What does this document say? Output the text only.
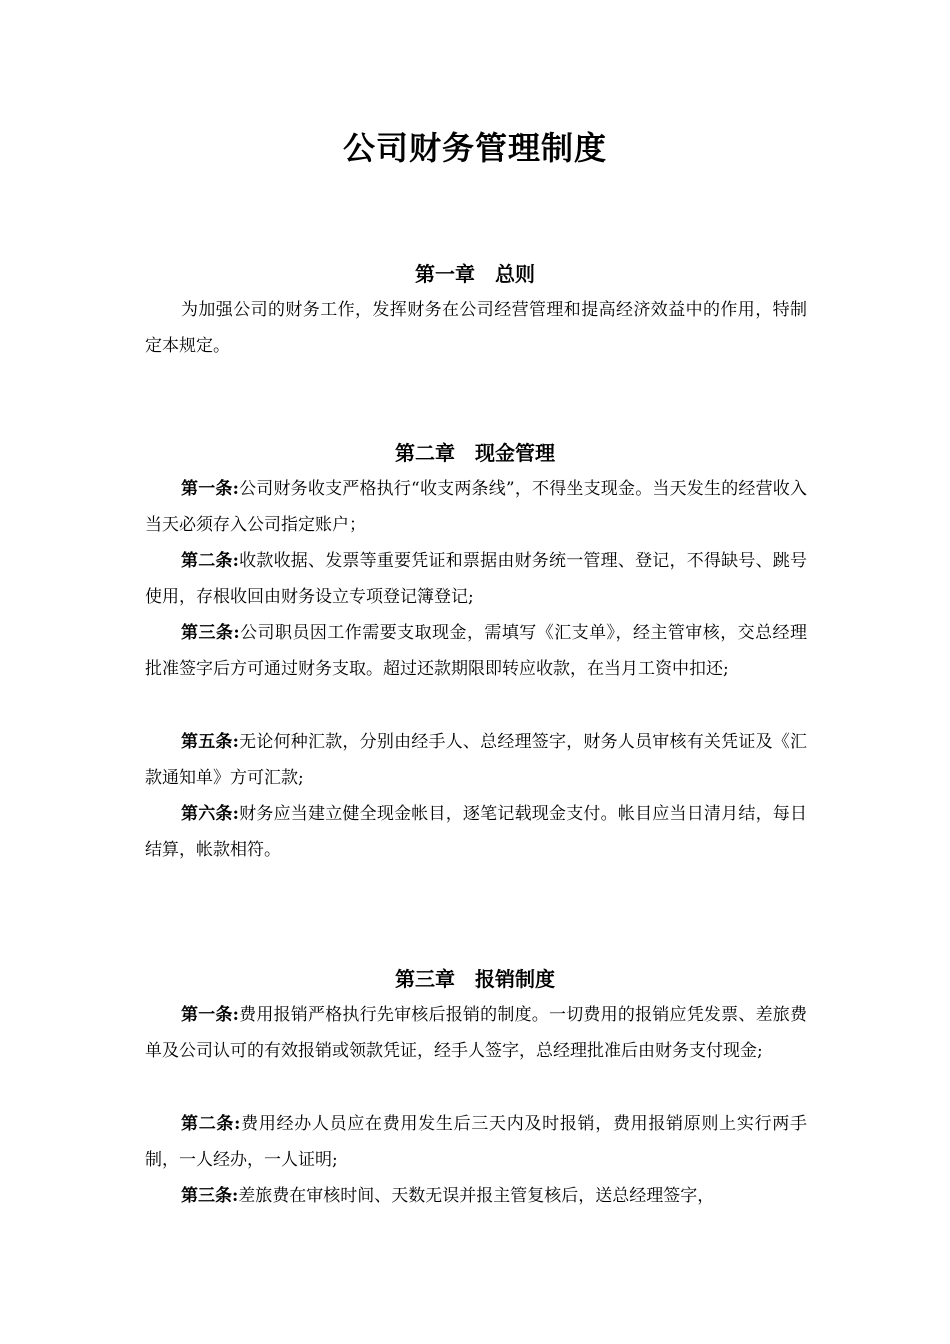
公司财务管理制度
第一章　总则

为加强公司的财务工作，发挥财务在公司经营管理和提高经济效益中的作用，特制定本规定。

第二章　现金管理

第一条:公司财务收支严格执行“收支两条线”，不得坐支现金。当天发生的经营收入当天必须存入公司指定账户；

第二条:收款收据、发票等重要凭证和票据由财务统一管理、登记，不得缺号、跳号使用，存根收回由财务设立专项登记簿登记;

第三条:公司职员因工作需要支取现金，需填写《汇支单》，经主管审核，交总经理批准签字后方可通过财务支取。超过还款期限即转应收款，在当月工资中扣还;

第五条:无论何种汇款，分别由经手人、总经理签字，财务人员审核有关凭证及《汇款通知单》方可汇款;

第六条:财务应当建立健全现金帐目，逐笔记载现金支付。帐目应当日清月结，每日结算，帐款相符。

第三章　报销制度

第一条:费用报销严格执行先审核后报销的制度。一切费用的报销应凭发票、差旅费单及公司认可的有效报销或领款凭证，经手人签字，总经理批准后由财务支付现金;

第二条:费用经办人员应在费用发生后三天内及时报销，费用报销原则上实行两手制，一人经办，一人证明;

第三条:差旅费在审核时间、天数无误并报主管复核后，送总经理签字，
